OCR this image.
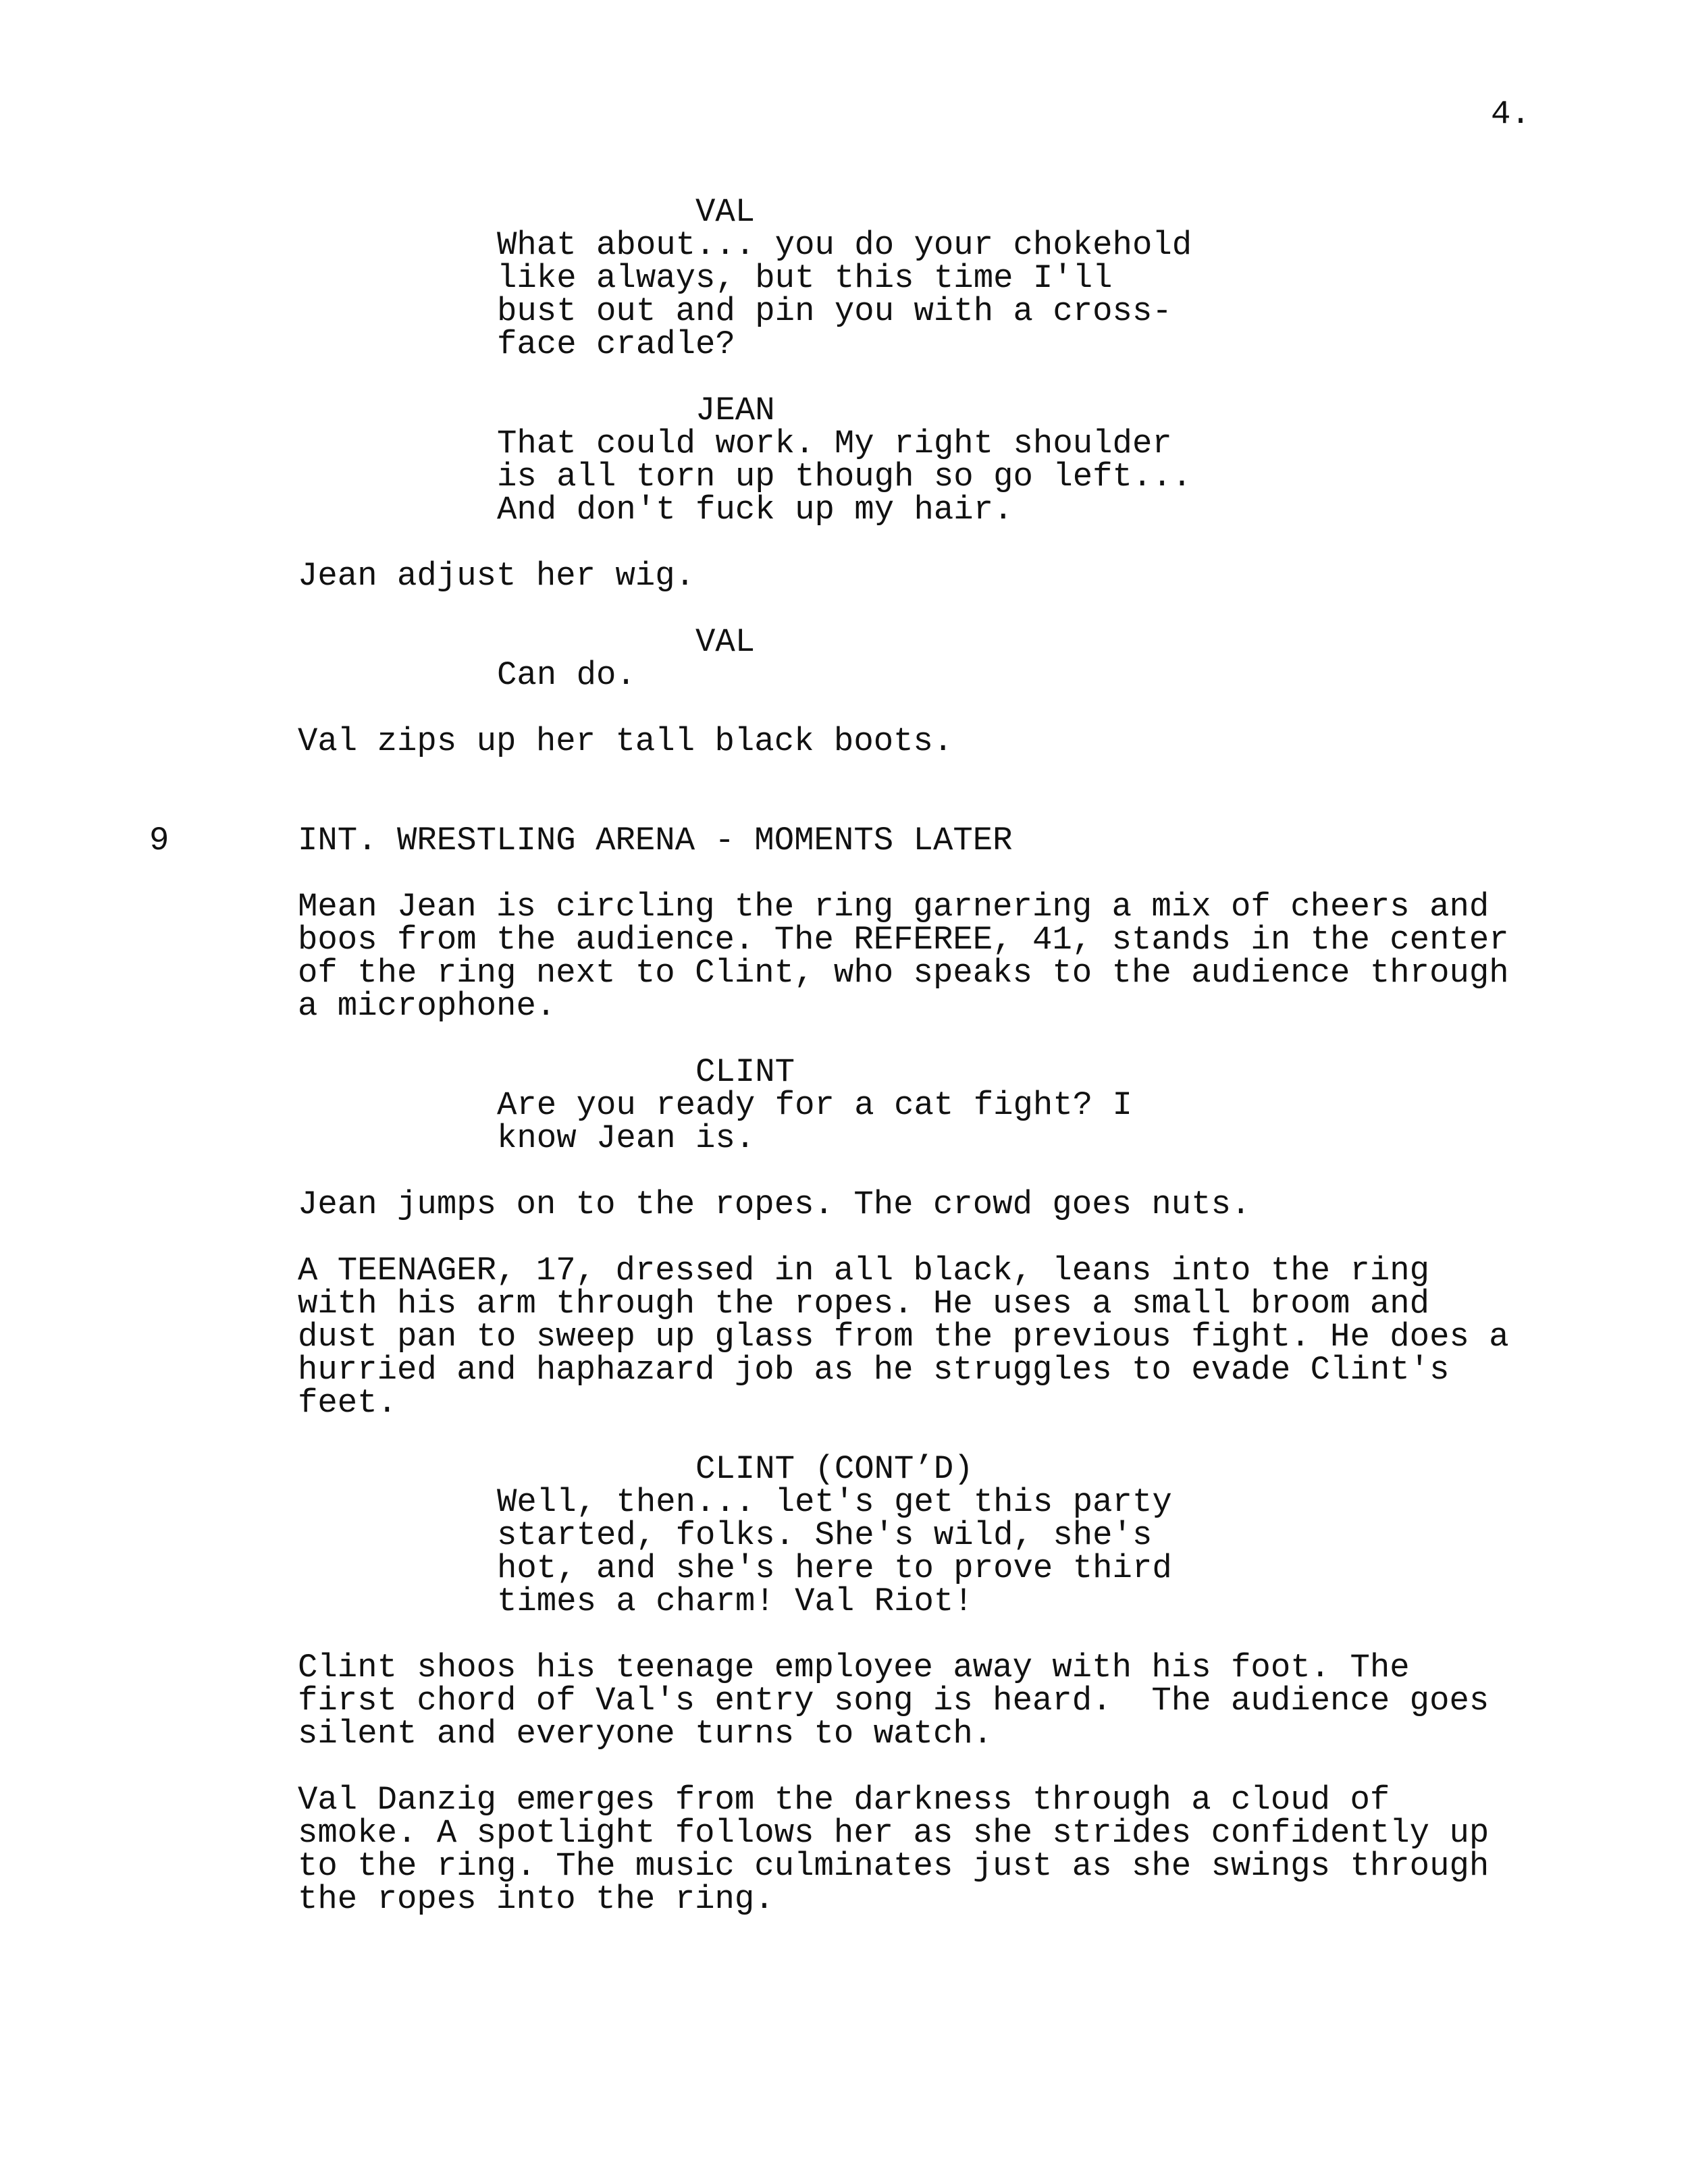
4.
VAL
What about... you do your chokehold
like always, but this time I'll
bust out and pin you with a cross-
face cradle?
JEAN
That could work. My right shoulder
is all torn up though so go left...
And don't fuck up my hair.
Jean adjust her wig.
VAL
Can do.
Val zips up her tall black boots.
9	INT. WRESTLING ARENA - MOMENTS LATER
Mean Jean is circling the ring garnering a mix of cheers and
boos from the audience. The REFEREE, 41, stands in the center
of the ring next to Clint, who speaks to the audience through
a microphone.
CLINT
Are you ready for a cat fight? I
know Jean is.
Jean jumps on to the ropes. The crowd goes nuts.
A TEENAGER, 17, dressed in all black, leans into the ring
with his arm through the ropes. He uses a small broom and
dust pan to sweep up glass from the previous fight. He does a
hurried and haphazard job as he struggles to evade Clint's
feet.
CLINT (CONT’D)
Well, then... let's get this party
started, folks. She's wild, she's
hot, and she's here to prove third
times a charm! Val Riot!
Clint shoos his teenage employee away with his foot. The
first chord of Val's entry song is heard.  The audience goes
silent and everyone turns to watch.
Val Danzig emerges from the darkness through a cloud of
smoke. A spotlight follows her as she strides confidently up
to the ring. The music culminates just as she swings through
the ropes into the ring.
